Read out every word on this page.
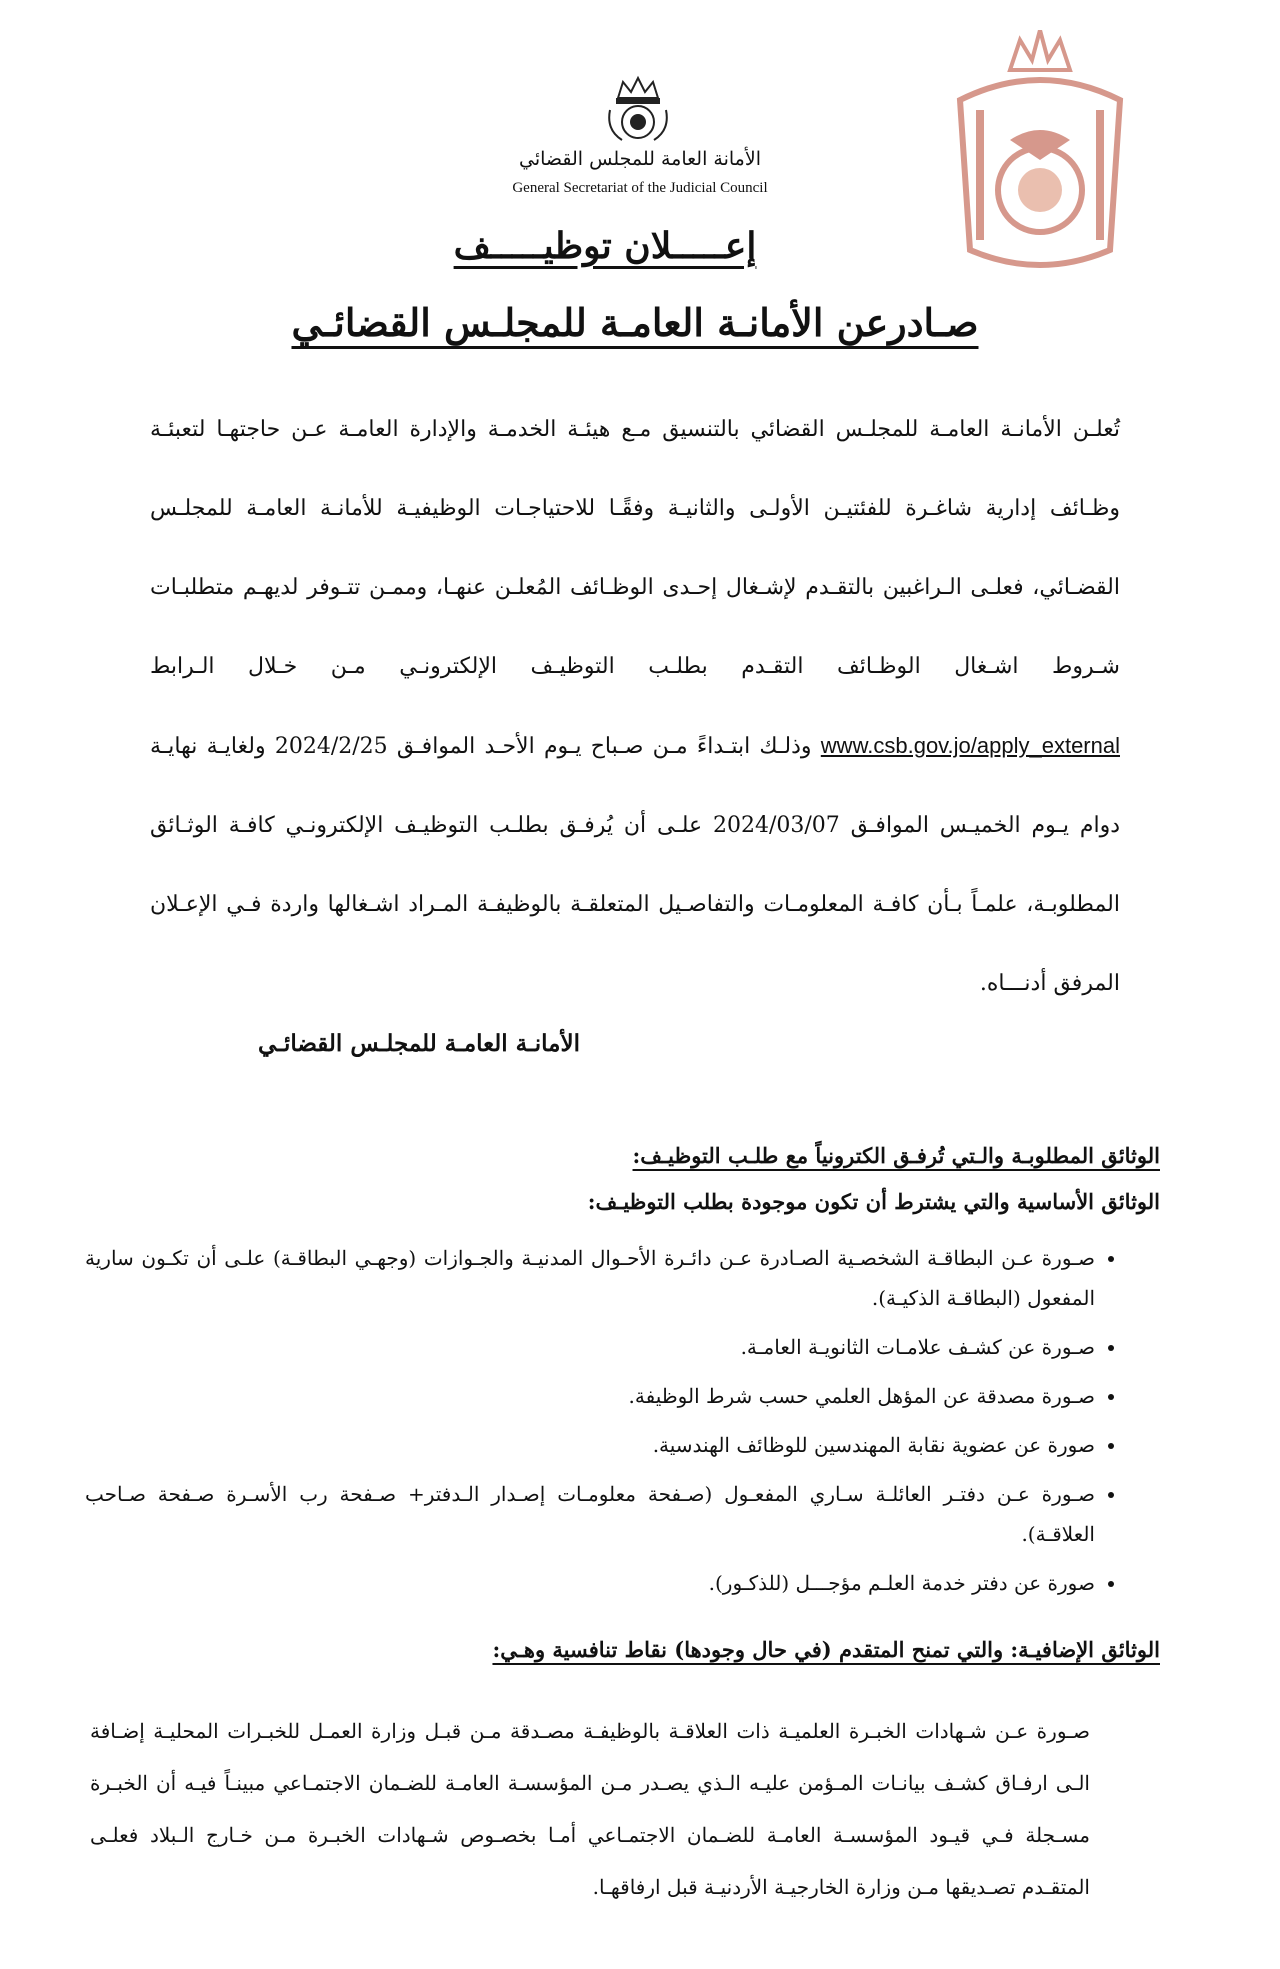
الأمانة العامة للمجلس القضائي
General Secretariat of the Judicial Council
إعـــــلان توظيـــــف
صـادرعن الأمانـة العامـة للمجلـس القضائـي

تُعلـن الأمانـة العامـة للمجلـس القضائي بالتنسيق مـع هيئـة الخدمـة والإدارة العامـة عـن حاجتهـا لتعبئـة وظـائف إدارية شاغـرة للفئتيـن الأولـى والثانيـة وفقًـا للاحتياجـات الوظيفيـة للأمانـة العامـة للمجلـس القضـائي، فعلـى الـراغبين بالتقـدم لإشـغال إحـدى الوظـائف المُعلـن عنهـا، وممـن تتـوفر لديهـم متطلبـات شـروط اشـغال الوظـائف التقـدم بطلـب التوظيـف الإلكترونـي مـن خـلال الـرابط www.csb.gov.jo/apply_external وذلـك ابتـداءً مـن صـباح يـوم الأحـد الموافـق 2024/2/25 ولغايـة نهايـة دوام يـوم الخميـس الموافـق 2024/03/07 علـى أن يُرفـق بطلـب التوظيـف الإلكترونـي كافـة الوثـائق المطلوبـة، علمـاً بـأن كافـة المعلومـات والتفاصـيل المتعلقـة بالوظيفـة المـراد اشـغالها واردة فـي الإعـلان المرفق أدنـــاه.

الأمانـة العامـة للمجلـس القضائـي
الوثائق المطلوبـة والـتي تُرفـق الكترونياً مع طلـب التوظيـف:
الوثائق الأساسية والتي يشترط أن تكون موجودة بطلب التوظيـف:
• صـورة عـن البطاقـة الشخصـية الصـادرة عـن دائـرة الأحـوال المدنيـة والجـوازات (وجهـي البطاقـة) علـى أن تكـون سارية المفعول (البطاقـة الذكيـة).
• صـورة عن كشـف علامـات الثانويـة العامـة.
• صـورة مصدقة عن المؤهل العلمي حسب شرط الوظيفة.
• صورة عن عضوية نقابة المهندسين للوظائف الهندسية.
• صـورة عـن دفتـر العائلـة سـاري المفعـول (صـفحة معلومـات إصـدار الـدفتر+ صـفحة رب الأسـرة صـفحة صـاحب العلاقـة).
• صورة عن دفتر خدمة العلـم مؤجـــل (للذكـور).
الوثائق الإضافيـة: والتي تمنح المتقدم (في حال وجودها) نقاط تنافسية وهـي:

صـورة عـن شـهادات الخبـرة العلميـة ذات العلاقـة بالوظيفـة مصـدقة مـن قبـل وزارة العمـل للخبـرات المحليـة إضـافة الـى ارفـاق كشـف بيانـات المـؤمن عليـه الـذي يصـدر مـن المؤسسـة العامـة للضـمان الاجتمـاعي مبينـاً فيـه أن الخبـرة مسـجلة فـي قيـود المؤسسـة العامـة للضـمان الاجتمـاعي أمـا بخصـوص شـهادات الخبـرة مـن خـارج الـبلاد فعلـى المتقـدم تصـديقها مـن وزارة الخارجيـة الأردنيـة قبل ارفاقهـا.
